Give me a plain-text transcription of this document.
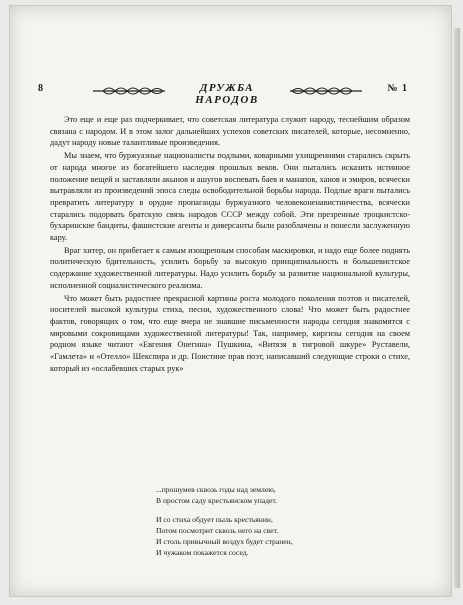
8	ДРУЖБА НАРОДОВ
№ 1

Это еще и еще раз подчеркивает, что советская литература служит народу, теснейшим образом связана с народом. И в этом залог дальнейших успехов советских писателей, которые, несомненно, дадут народу новые талантливые произведения.

Мы знаем, что буржуазные националисты подлыми, коварными ухищрениями старались скрыть от народа многое из богатейшего наследия прошлых веков. Они пытались исказить истинное положение вещей и заставляли акынов и ашугов воспевать баев и манапов, ханов и эмиров, всячески вытравляли из произведений эпоса следы освободительной борьбы народа. Подлые враги пытались превратить литературу в орудие пропаганды буржуазного человеконенавистничества, всячески старались подорвать братскую связь народов СССР между собой. Эти презренные троцкистско-бухаринские бандиты, фашистские агенты и диверсанты были разоблачены и понесли заслуженную кару.

Враг хитер, он прибегает к самым изощренным способам маскировки, и надо еще более поднять политическую бдительность, усилить борьбу за высокую принципиальность и большевистское содержание художественной литературы. Надо усилить борьбу за развитие национальной культуры, исполненной социалистического реализма.

Что может быть радостнее прекрасной картины роста молодого поколения поэтов и писателей, носителей высокой культуры стиха, песни, художественного слова! Что может быть радостнее фактов, говорящих о том, что еще вчера не знавшие письменности народы сегодня знакомятся с мировыми сокровищами художественной литературы! Так, например, киргизы сегодня на своем родном языке читают «Евгения Онегина» Пушкина, «Витязя в тигровой шкуре» Руставели, «Гамлета» и «Отелло» Шекспира и др. Поистине прав поэт, написавший следующие строки о стихе, который из «ослабевших старых рук»

...прошумев сквозь годы над землею,
В простом саду крестьянском упадет.
И со стиха обдует пыль крестьянин,
Потом посмотрит сквозь него на свет.
И столь привычный воздух будет странен,
И чужаком покажется сосед.
